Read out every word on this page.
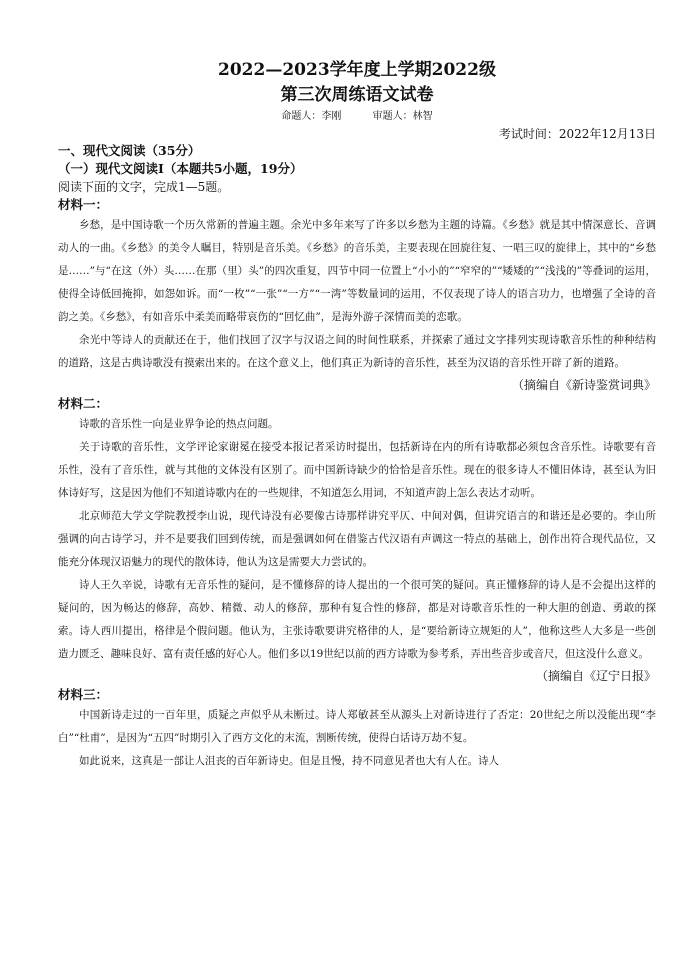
2022—2023学年度上学期2022级

第三次周练语文试卷

命题人：李刚	审题人：林智

考试时间：2022年12月13日

一、现代文阅读（35分）

（一）现代文阅读I（本题共5小题，19分）

阅读下面的文字，完成1—5题。

材料一：

乡愁，是中国诗歌一个历久常新的普遍主题。余光中多年来写了许多以乡愁为主题的诗篇。《乡愁》就是其中情深意长、音调动人的一曲。《乡愁》的美令人瞩目，特别是音乐美。《乡愁》的音乐美，主要表现在回旋往复、一唱三叹的旋律上，其中的“乡愁是……”与“在这（外）头……在那（里）头”的四次重复，四节中同一位置上“小小的”“窄窄的”“矮矮的”“浅浅的”等叠词的运用，使得全诗低回掩抑，如怨如诉。而“一枚”“一张”“一方”“一湾”等数量词的运用，不仅表现了诗人的语言功力，也增强了全诗的音韵之美。《乡愁》，有如音乐中柔美而略带哀伤的“回忆曲”，是海外游子深情而美的恋歌。

余光中等诗人的贡献还在于，他们找回了汉字与汉语之间的时间性联系，并探索了通过文字排列实现诗歌音乐性的种种结构的道路，这是古典诗歌没有摸索出来的。在这个意义上，他们真正为新诗的音乐性，甚至为汉语的音乐性开辟了新的道路。

（摘编自《新诗鉴赏词典》

材料二：

诗歌的音乐性一向是业界争论的热点问题。

关于诗歌的音乐性，文学评论家谢冕在接受本报记者采访时提出，包括新诗在内的所有诗歌都必须包含音乐性。诗歌要有音乐性，没有了音乐性，就与其他的文体没有区别了。而中国新诗缺少的恰恰是音乐性。现在的很多诗人不懂旧体诗，甚至认为旧体诗好写，这是因为他们不知道诗歌内在的一些规律，不知道怎么用词，不知道声韵上怎么表达才动听。

北京师范大学文学院教授李山说，现代诗没有必要像古诗那样讲究平仄、中间对偶，但讲究语言的和谐还是必要的。李山所强调的向古诗学习，并不是要我们回到传统，而是强调如何在借鉴古代汉语有声调这一特点的基础上，创作出符合现代品位，又能充分体现汉语魅力的现代的散体诗，他认为这是需要大力尝试的。

诗人王久辛说，诗歌有无音乐性的疑问，是不懂修辞的诗人提出的一个很可笑的疑问。真正懂修辞的诗人是不会提出这样的疑问的，因为畅达的修辞，高妙、精微、动人的修辞，那种有复合性的修辞，都是对诗歌音乐性的一种大胆的创造、勇敢的探索。诗人西川提出，格律是个假问题。他认为，主张诗歌要讲究格律的人，是“要给新诗立规矩的人”，他称这些人大多是一些创造力匮乏、趣味良好、富有责任感的好心人。他们多以19世纪以前的西方诗歌为参考系，弄出些音步或音尺，但这没什么意义。

（摘编自《辽宁日报》

材料三：

中国新诗走过的一百年里，质疑之声似乎从未断过。诗人郑敏甚至从源头上对新诗进行了否定：20世纪之所以没能出现“李白”“杜甫”，是因为“五四”时期引入了西方文化的末流，割断传统，使得白话诗万劫不复。

如此说来，这真是一部让人沮丧的百年新诗史。但是且慢，持不同意见者也大有人在。诗人
